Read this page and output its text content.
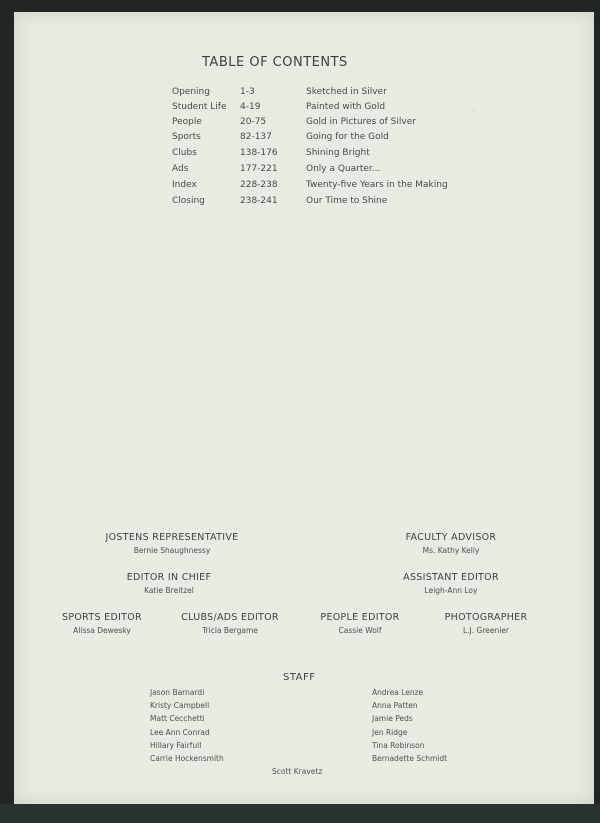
TABLE OF CONTENTS
Opening	1-3	Sketched in Silver
Student Life 4-19	Painted with Gold
People	20-75	Gold in Pictures of Silver
Sports	82-137	Going for the Gold
Clubs	138-176	Shining Bright
Ads	177-221	Only a Quarter...
Index	228-238	Twenty-five Years in the Making
Closing	238-241	Our Time to Shine
·
JOSTENS REPRESENTATIVE
Bernie Shaughnessy
FACULTY ADVISOR
Ms. Kathy Kelly
EDITOR IN CHIEF
Katie Breitzel
ASSISTANT EDITOR
Leigh-Ann Loy
SPORTS EDITOR
Alissa Dewesky
CLUBS/ADS EDITOR
Tricia Bergame
PEOPLE EDITOR
Cassie Wolf
PHOTOGRAPHER
L.J. Greenier
STAFF
Jason Barnardi
Kristy Campbell
Matt Cecchetti
Lee Ann Conrad
Hillary Fairfull
Carrie Hockensmith
Andrea Lenze
Anna Patten
Jamie Peds
Jen Ridge
Tina Robinson
Bernadette Schmidt
Scott Kravetz
